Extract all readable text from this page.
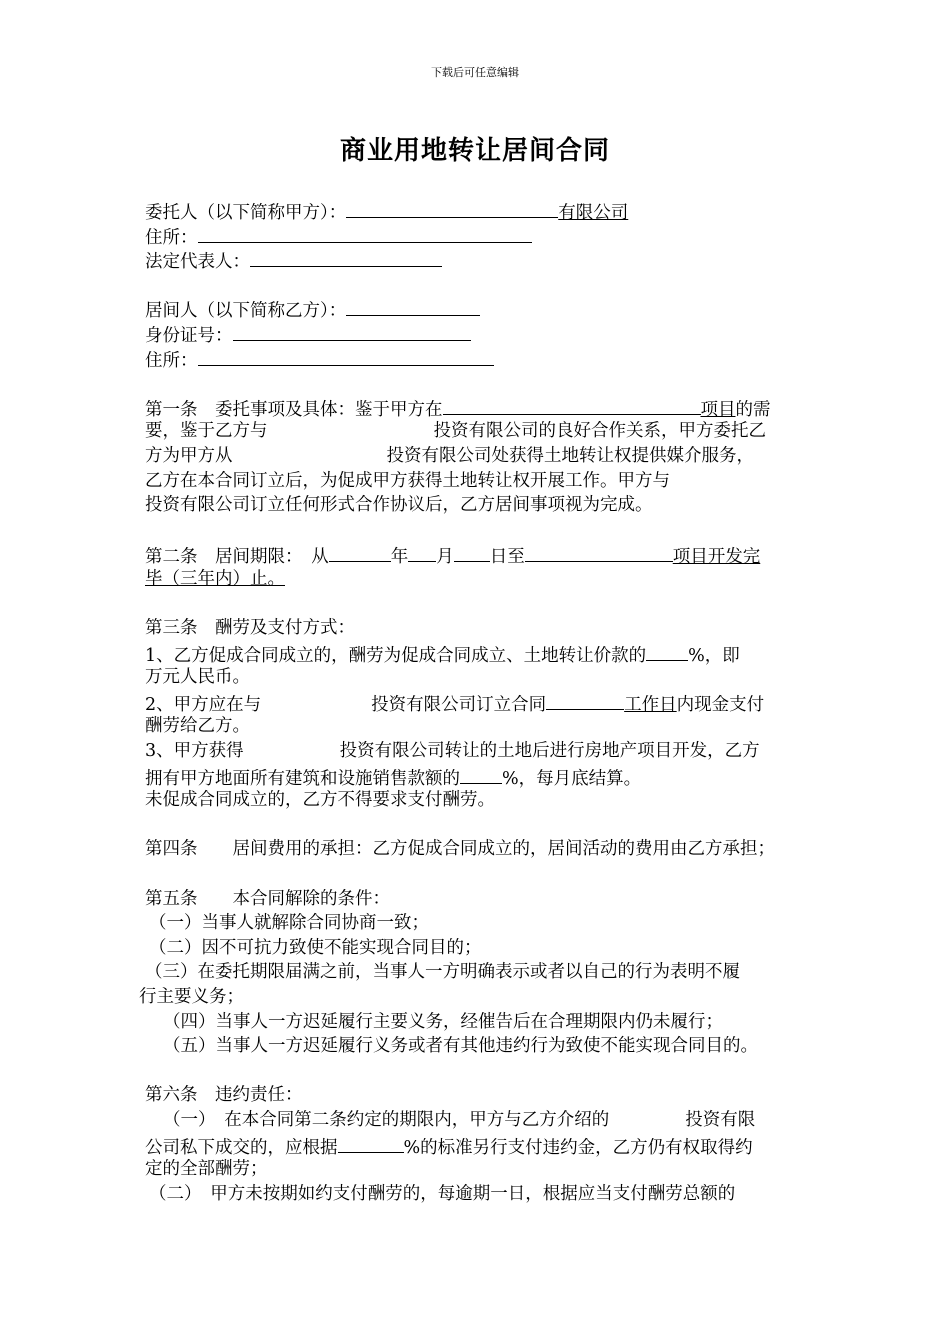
下载后可任意编辑
商业用地转让居间合同
委托人（以下简称甲方）：	有限公司
住所：
法定代表人：
居间人（以下简称乙方）：
身份证号：
住所：
第一条　委托事项及具体：鉴于甲方在	项目的需
要，鉴于乙方与	投资有限公司的良好合作关系，甲方委托乙
方为甲方从	投资有限公司处获得土地转让权提供媒介服务，
乙方在本合同订立后，为促成甲方获得土地转让权开展工作。甲方与
投资有限公司订立任何形式合作协议后，乙方居间事项视为完成。
第二条　居间期限：　从	年 月 日至	项目开发完
毕（三年内）止。
第三条　酬劳及支付方式：
1、乙方促成合同成立的，酬劳为促成合同成立、土地转让价款的 %，即
万元人民币。
2、甲方应在与	投资有限公司订立合同	工作日内现金支付
酬劳给乙方。
3、甲方获得	投资有限公司转让的土地后进行房地产项目开发，乙方
拥有甲方地面所有建筑和设施销售款额的 %，每月底结算。
未促成合同成立的，乙方不得要求支付酬劳。
第四条　　居间费用的承担：乙方促成合同成立的，居间活动的费用由乙方承担；
第五条　　本合同解除的条件：
（一）当事人就解除合同协商一致；
（二）因不可抗力致使不能实现合同目的；
（三）在委托期限届满之前，当事人一方明确表示或者以自己的行为表明不履
行主要义务；
（四）当事人一方迟延履行主要义务，经催告后在合理期限内仍未履行；
（五）当事人一方迟延履行义务或者有其他违约行为致使不能实现合同目的。
第六条　违约责任：
（一）　在本合同第二条约定的期限内，甲方与乙方介绍的	投资有限
公司私下成交的，应根据	%的标准另行支付违约金，乙方仍有权取得约
定的全部酬劳；
（二）　甲方未按期如约支付酬劳的，每逾期一日，根据应当支付酬劳总额的
